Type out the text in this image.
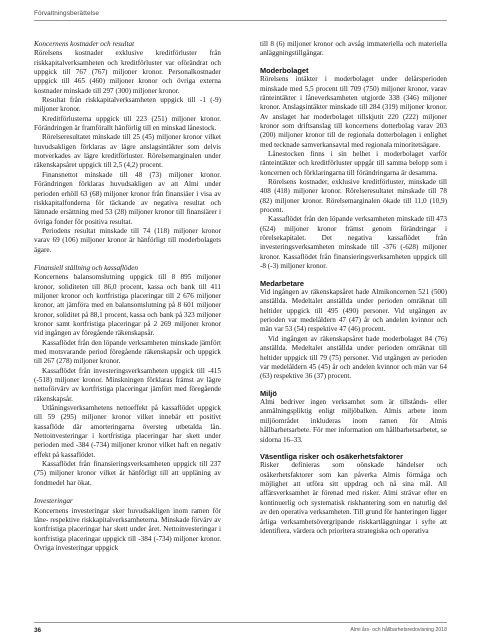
Förvaltningsberättelse
Koncernens kostnader och resultat

Rörelsens kostnader exklusive kreditförluster från riskkapitalverksamheten och kreditförluster var oförändrat och uppgick till 767 (767) miljoner kronor. Personalkostnader uppgick till 465 (460) miljoner kronor och övriga externa kostnader minskade till 297 (300) miljoner kronor.

Resultat från riskkapitalverksamheten uppgick till -1 (-9) miljoner kronor.

Kreditförlusterna uppgick till 223 (251) miljoner kronor. Förändringen är framförallt hänförlig till en minskad lånestock.

Rörelseresultatet minskade till 25 (45) miljoner kronor vilket huvudsakligen förklaras av lägre anslagsintäkter som delvis motverkades av lägre kreditförluster. Rörelsemarginalen under räkenskapsåret uppgick till 2,5 (4,2) procent.

Finansnettot minskade till 48 (73) miljoner kronor. Förändringen förklaras huvudsakligen av att Almi under perioden erhöll 63 (68) miljoner kronor från finansiäer i visa av riskkapitalfonderna för täckande av negativa resultat och lämnade ersättning med 53 (28) miljoner kronor till finansiärer i övriga fonder för positiva resultat.

Periodens resultat minskade till 74 (118) miljoner kronor varav 69 (106) miljoner kronor är hänförligt till moderbolagets ägare.

Finansiell ställning och kassaflöden

Koncernens balansomslutning uppgick till 8 895 miljoner kronor, soliditeten till 86,0 procent, kassa och bank till 411 miljoner kronor och kortfristiga placeringar till 2 676 miljoner kronor, att jämföra med en balansomslutning på 8 601 miljoner kronor, soliditet på 88,1 procent, kassa och bank på 323 miljoner kronor samt kortfristiga placeringar på 2 269 miljoner kronor vid ingången av föregående räkenskapsår.

Kassaflödet från den löpande verksamheten minskade jämfört med motsvarande period föregående räkenskapsår och uppgick till 267 (278) miljoner kronor.

Kassaflödet från investeringsverksamheten uppgick till -415 (-518) miljoner kronor. Minskningen förklaras främst av lägre nettoförvärv av kortfristiga placeringar jämfört med föregående räkenskapsår.

Utlåningsverksamhetens nettoeffekt på kassaflödet uppgick till 59 (295) miljoner kronor vilket innebär ett positivt kassaflöde där amorteringarna översteg utbetalda lån. Nettoinvesteringar i kortfristiga placeringar har skett under perioden med -384 (-734) miljoner kronor vilket haft en negativ effekt på kassaflödet.

Kassaflödet från finansieringsverksamheten uppgick till 237 (75) miljoner kronor vilket är hänförligt till att uppläning av fondmedel har ökat.

Investeringar

Koncernens investeringar sker huvudsakligen inom ramen för låne- respektive riskkapitalverksamheterna. Minskade förvärv av kortfristiga placeringar har skett under året. Nettoinvesteringar i kortfristiga placeringar uppgick till -384 (-734) miljoner kronor. Övriga investeringar uppgick

till 8 (6) miljoner kronor och avsåg immateriella och materiella anläggningstillgångar.

Moderbolaget

Rörelsens intäkter i moderbolaget under delårsperioden minskade med 5,5 procent till 709 (750) miljoner kronor, varav ränteintäkter i låneverksamheten utgjorde 338 (346) miljoner kronor. Anslagsintäkter minskade till 284 (319) miljoner kronor. Av anslaget har moderbolaget tillskjutit 220 (222) miljoner kronor som driftsanslag till koncernens dotterbolag varav 203 (200) miljoner kronor till de regionala dotterbolagen i enlighet med tecknade samverkansavtal med regionala minoritetsägare.

Lånestocken finns i sin helhet i moderbolaget varför ränteintäkter och kreditförluster uppgår till samma belopp som i koncernen och förklaringarna till förändringarna är desamma.

Rörelsens kostnader, exklusive kreditförluster, minskade till 408 (418) miljoner kronor. Rörelseresultatet minskade till 78 (82) miljoner kronor. Rörelsemarginalen ökade till 11,0 (10,9) procent.

Kassaflödet från den löpande verksamheten minskade till 473 (624) miljoner kronor främst genom förändringar i rörelsekapitalet. Det negativa kassaflödet från investeringsverksamheten minskade till -376 (-628) miljoner kronor. Kassaflödet från finansieringsverksamheten uppgick till -8 (-3) miljoner kronor.

Medarbetare

Vid ingången av räkenskapsåret hade Almikoncernen 521 (500) anställda. Medeltalet anställda under perioden omräknat till heltider uppgick till 495 (490) personer. Vid utgången av perioden var medelåldern 47 (47) år och andelen kvinnor och män var 53 (54) respektive 47 (46) procent.

Vid ingången av räkenskapsåret hade moderbolaget 84 (76) anställda. Medeltalet anställda under perioden omräknat till heltider uppgick till 79 (75) personer. Vid utgången av perioden var medelåldern 45 (45) år och andelen kvinnor och män var 64 (63) respektive 36 (37) procent.

Miljö

Almi bedriver ingen verksamhet som är tillstånds- eller anmälningspliktig enligt miljöbalken. Almis arbete inom miljöområdet inkluderas inom ramen för Almis hållbarhetsarbete. För mer information om hållbarhetsarbetet, se sidorna 16–33.

Väsentliga risker och osäkerhetsfaktorer

Risker definieras som oönskade händelser och osäkerhetsfaktorer som kan påverka Almis förmåga och möjlighet att utföra sitt uppdrag och nå sina mål. All affärsverksamhet är förenad med risker. Almi strävar efter en kontinuerlig och systematisk riskhantering som en naturlig del av den operativa verksamheten. Till grund för hanteringen ligger årliga verksamhetsövergripande riskkartläggningar i syfte att identifiera, värdera och prioritera strategiska och operativa

36	Almi års- och hållbarhetsredovisning 2018
